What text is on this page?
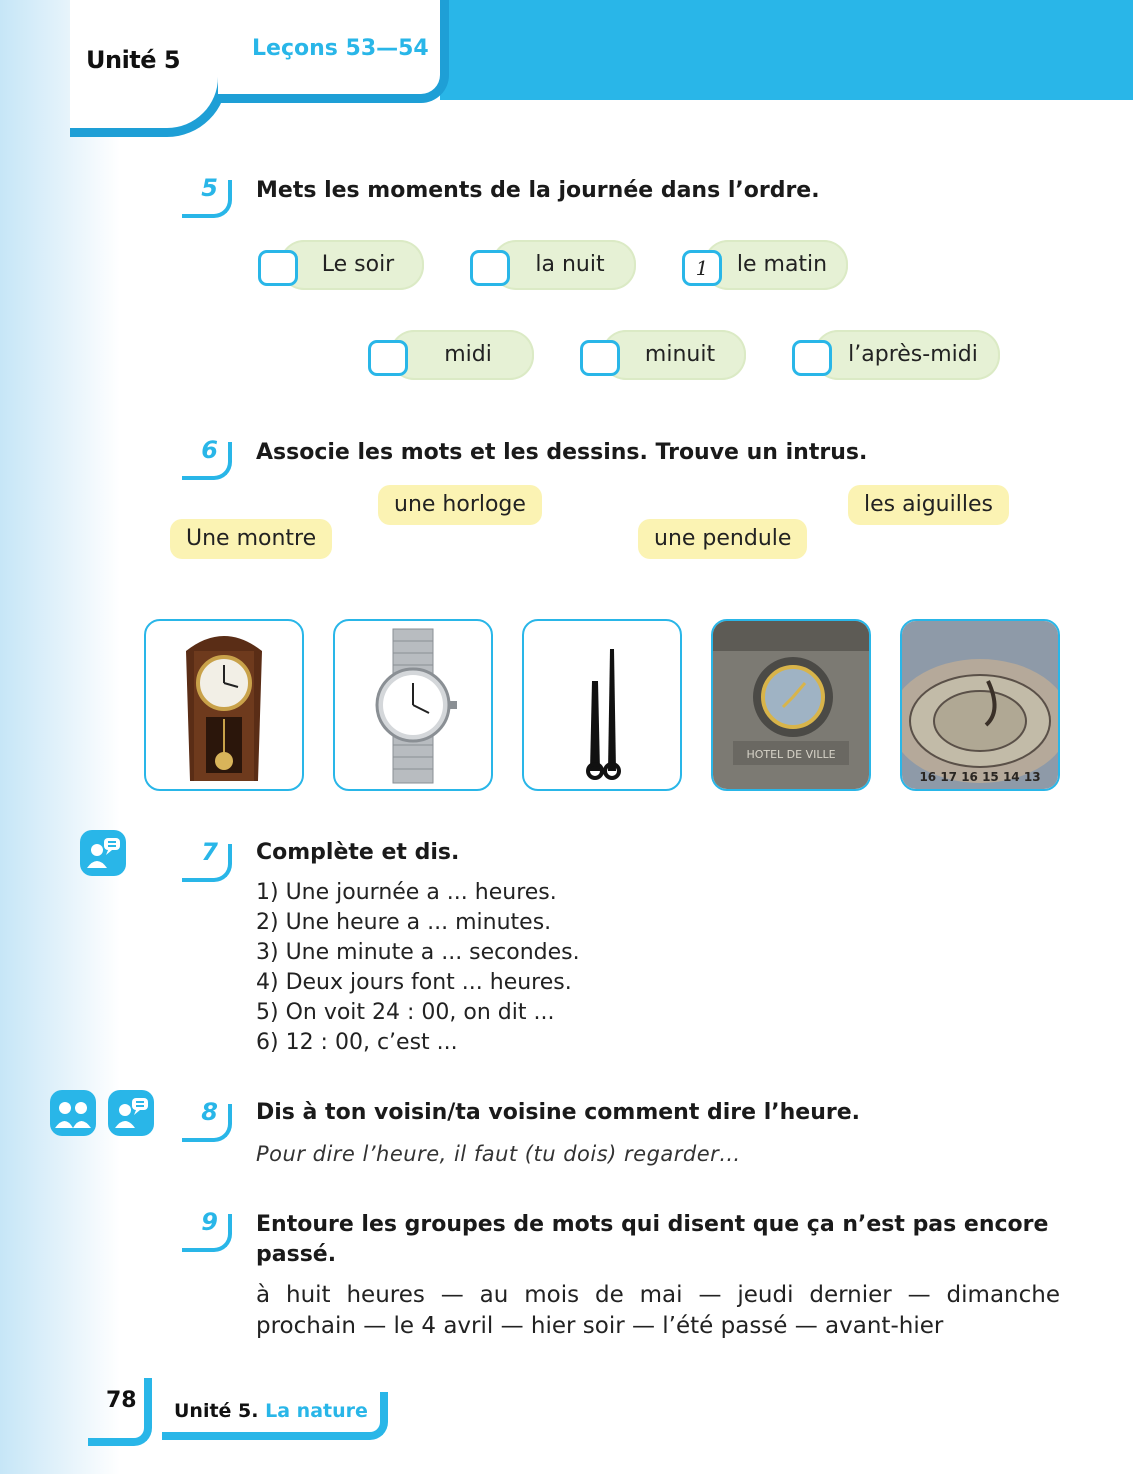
Unité 5	Leçons 53—54
5 Mets les moments de la journée dans l’ordre.
Le soir	la nuit	1	le matin
midi	minuit	l’après-midi
6 Associe les mots et les dessins. Trouve un intrus.
une horloge	les aiguilles
Une montre	une pendule
HOTEL DE VILLE
16 17 16 15 14 13
7 Complète et dis.
1) Une journée a ... heures.
2) Une heure a ... minutes.
3) Une minute a ... secondes.
4) Deux jours font ... heures.
5) On voit 24 : 00, on dit ...
6) 12 : 00, c’est ...
8 Dis à ton voisin/ta voisine comment dire l’heure.
Pour dire l’heure, il faut (tu dois) regarder…
9 Entoure les groupes de mots qui disent que ça n’est pas encore
passé.
à huit heures — au mois de mai — jeudi dernier — dimanche prochain — le 4 avril — hier soir — l’été passé — avant-hier
78 Unité 5. La nature
